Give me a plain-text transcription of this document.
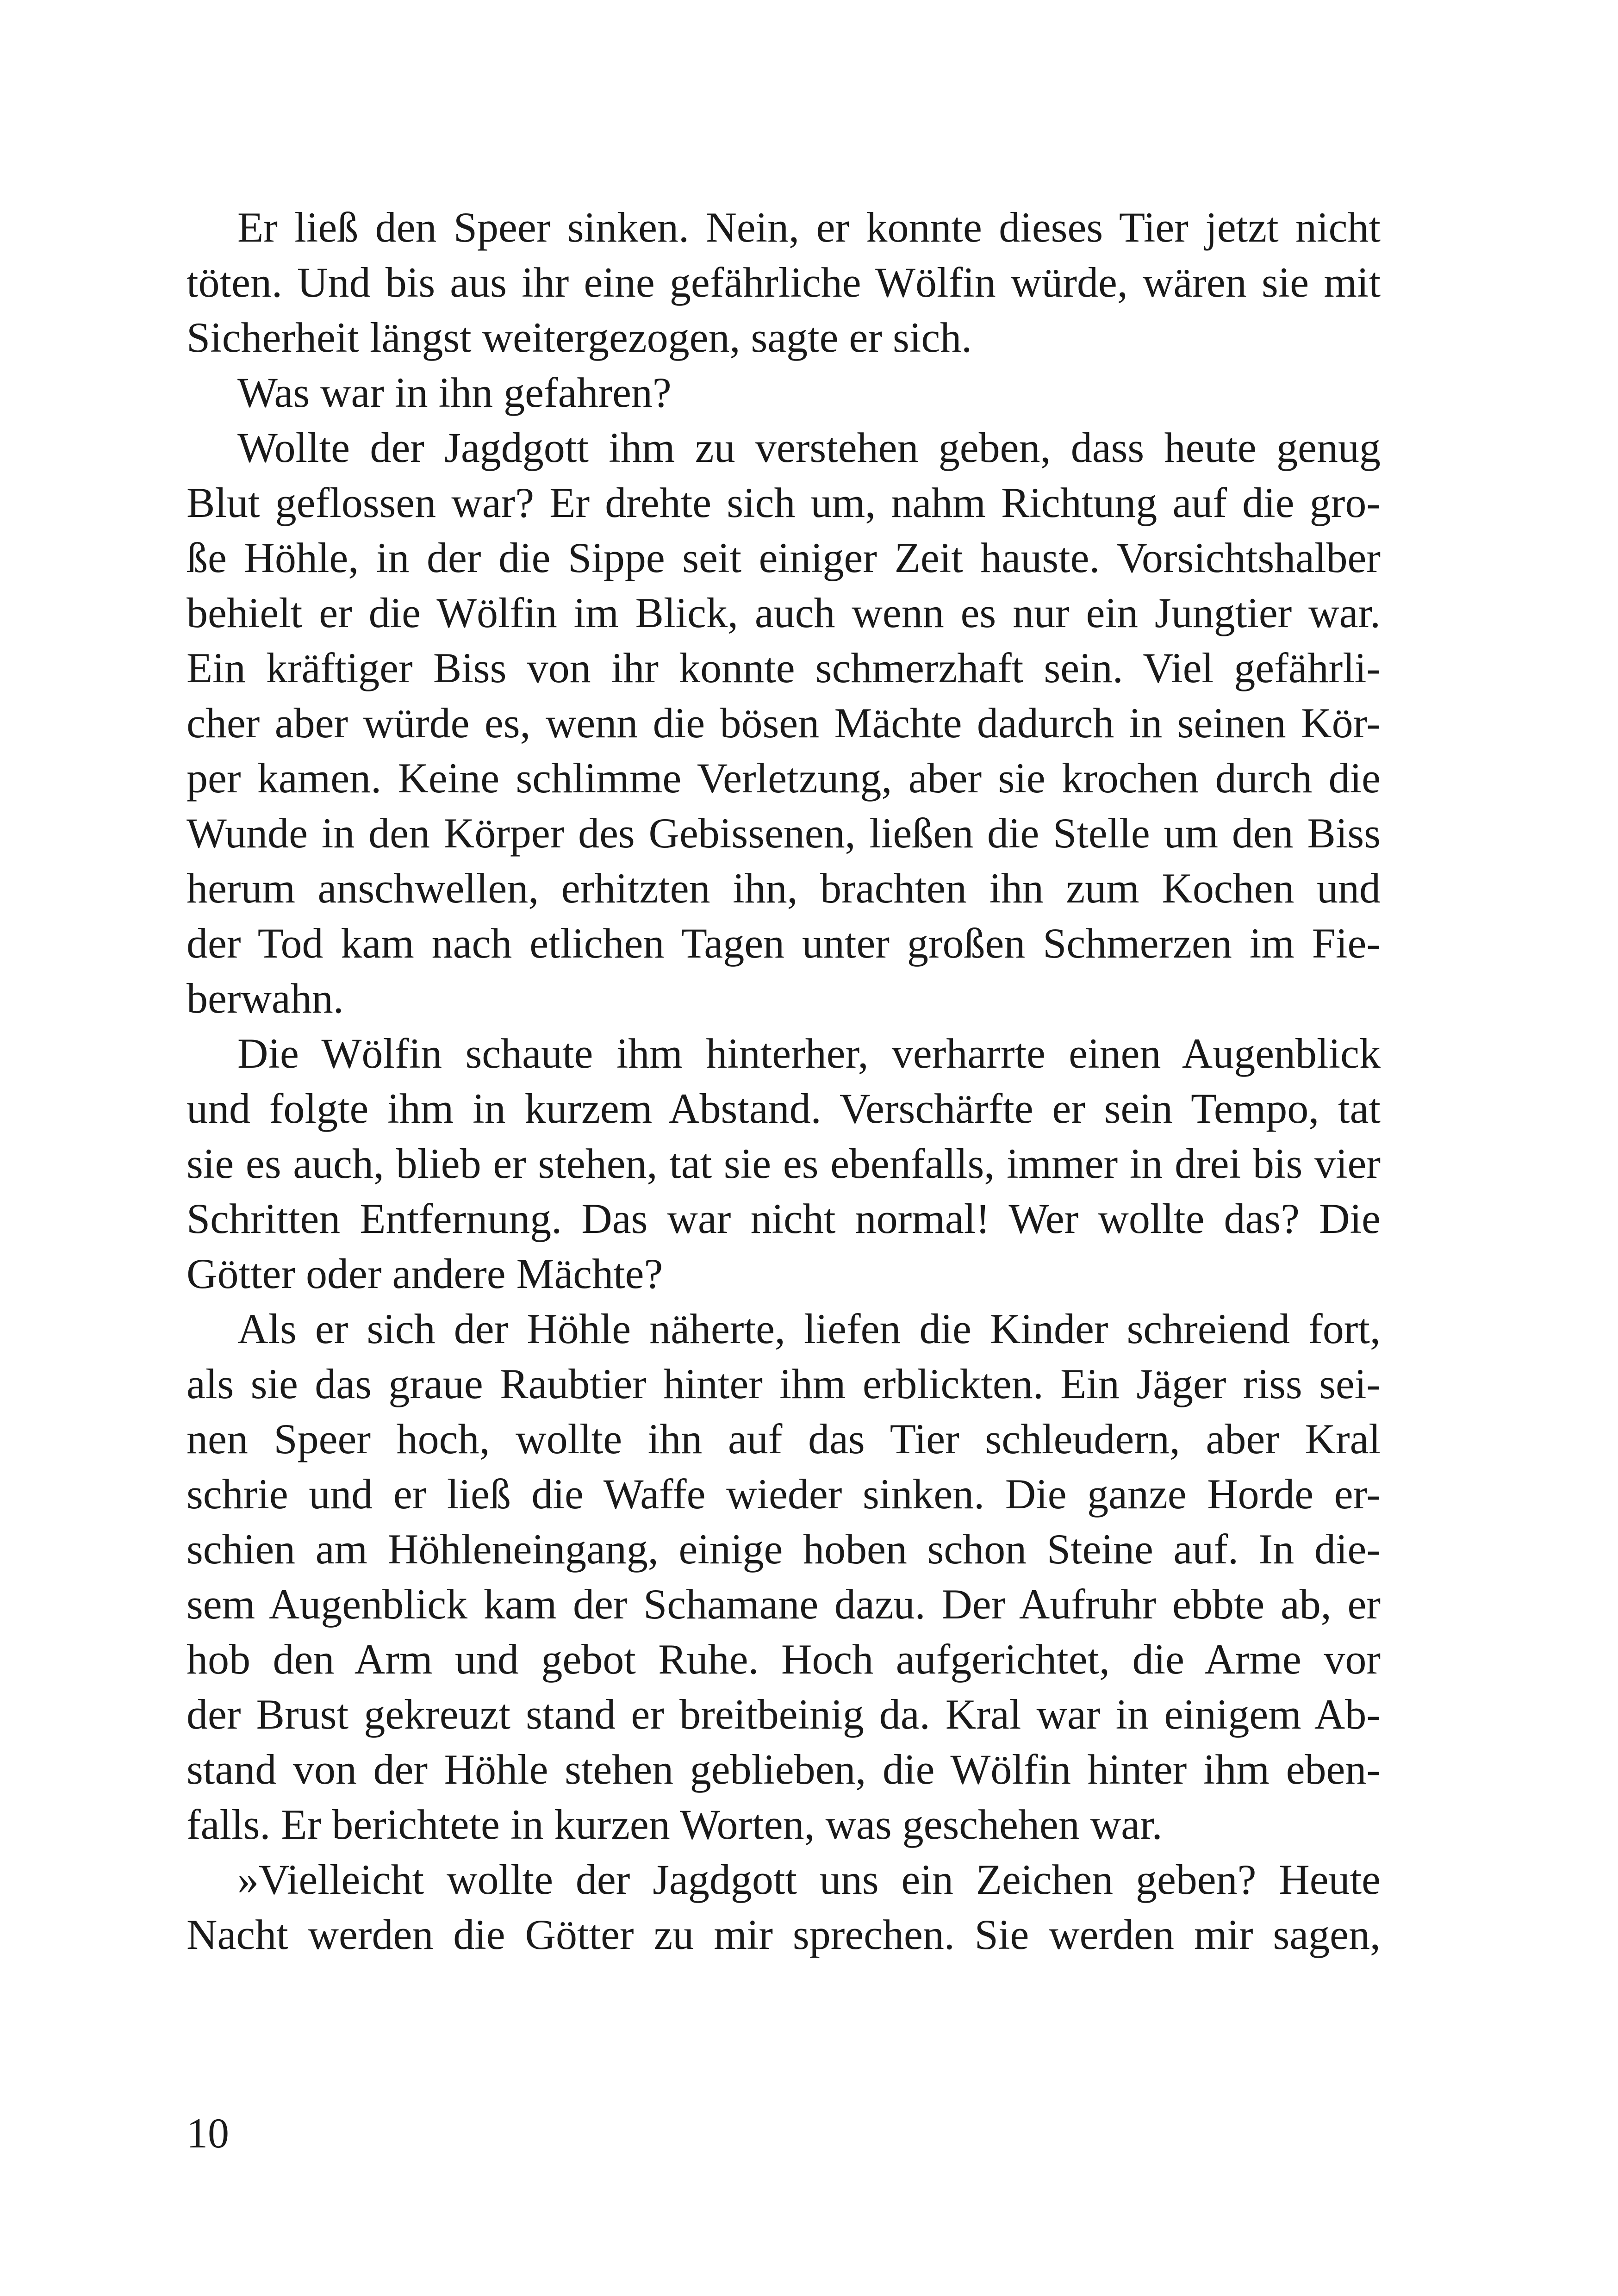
Er ließ den Speer sinken. Nein, er konnte dieses Tier jetzt nicht
töten. Und bis aus ihr eine gefährliche Wölfin würde, wären sie mit
Sicherheit längst weitergezogen, sagte er sich.
Was war in ihn gefahren?
Wollte der Jagdgott ihm zu verstehen geben, dass heute genug
Blut geflossen war? Er drehte sich um, nahm Richtung auf die gro-
ße Höhle, in der die Sippe seit einiger Zeit hauste. Vorsichtshalber
behielt er die Wölfin im Blick, auch wenn es nur ein Jungtier war.
Ein kräftiger Biss von ihr konnte schmerzhaft sein. Viel gefährli-
cher aber würde es, wenn die bösen Mächte dadurch in seinen Kör-
per kamen. Keine schlimme Verletzung, aber sie krochen durch die
Wunde in den Körper des Gebissenen, ließen die Stelle um den Biss
herum anschwellen, erhitzten ihn, brachten ihn zum Kochen und
der Tod kam nach etlichen Tagen unter großen Schmerzen im Fie-
berwahn.
Die Wölfin schaute ihm hinterher, verharrte einen Augenblick
und folgte ihm in kurzem Abstand. Verschärfte er sein Tempo, tat
sie es auch, blieb er stehen, tat sie es ebenfalls, immer in drei bis vier
Schritten Entfernung. Das war nicht normal! Wer wollte das? Die
Götter oder andere Mächte?
Als er sich der Höhle näherte, liefen die Kinder schreiend fort,
als sie das graue Raubtier hinter ihm erblickten. Ein Jäger riss sei-
nen Speer hoch, wollte ihn auf das Tier schleudern, aber Kral
schrie und er ließ die Waffe wieder sinken. Die ganze Horde er-
schien am Höhleneingang, einige hoben schon Steine auf. In die-
sem Augenblick kam der Schamane dazu. Der Aufruhr ebbte ab, er
hob den Arm und gebot Ruhe. Hoch aufgerichtet, die Arme vor
der Brust gekreuzt stand er breitbeinig da. Kral war in einigem Ab-
stand von der Höhle stehen geblieben, die Wölfin hinter ihm eben-
falls. Er berichtete in kurzen Worten, was geschehen war.
»Vielleicht wollte der Jagdgott uns ein Zeichen geben? Heute
Nacht werden die Götter zu mir sprechen. Sie werden mir sagen,
10
